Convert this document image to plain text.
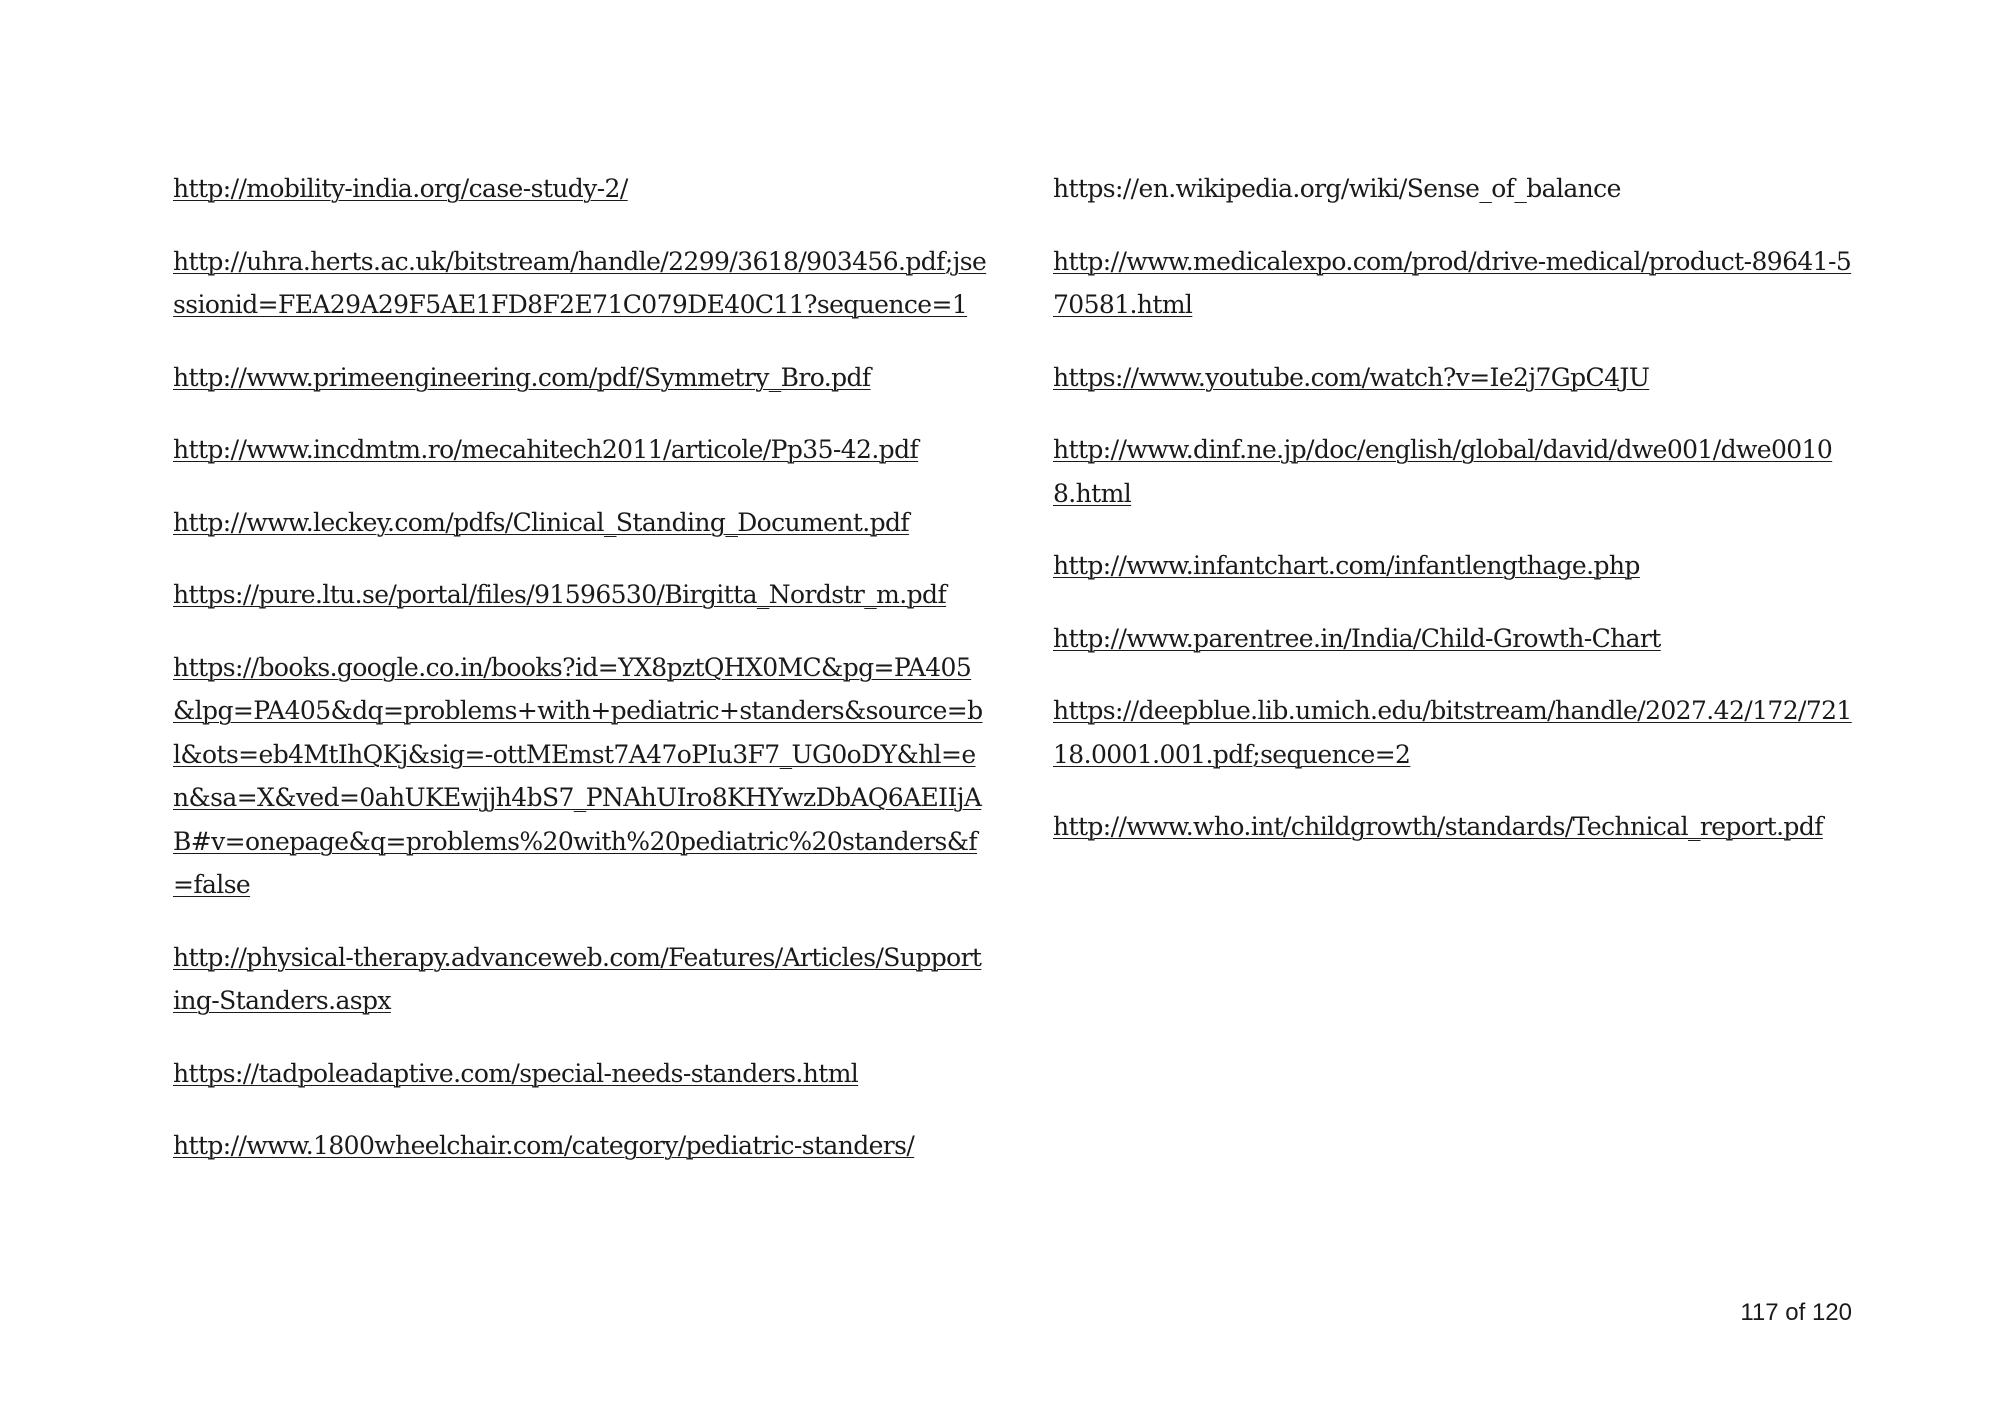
http://mobility-india.org/case-study-2/

http://uhra.herts.ac.uk/bitstream/handle/2299/3618/903456.pdf;jsessionid=FEA29A29F5AE1FD8F2E71C079DE40C11?sequence=1

http://www.primeengineering.com/pdf/Symmetry_Bro.pdf

http://www.incdmtm.ro/mecahitech2011/articole/Pp35-42.pdf

http://www.leckey.com/pdfs/Clinical_Standing_Document.pdf

https://pure.ltu.se/portal/files/91596530/Birgitta_Nordstr_m.pdf

https://books.google.co.in/books?id=YX8pztQHX0MC&pg=PA405&lpg=PA405&dq=problems+with+pediatric+standers&source=bl&ots=eb4MtIhQKj&sig=-ottMEmst7A47oPIu3F7_UG0oDY&hl=en&sa=X&ved=0ahUKEwjjh4bS7_PNAhUIro8KHYwzDbAQ6AEIIjAB#v=onepage&q=problems%20with%20pediatric%20standers&f=false

http://physical-therapy.advanceweb.com/Features/Articles/Supporting-Standers.aspx

https://tadpoleadaptive.com/special-needs-standers.html

http://www.1800wheelchair.com/category/pediatric-standers/

https://en.wikipedia.org/wiki/Sense_of_balance

http://www.medicalexpo.com/prod/drive-medical/product-89641-570581.html

https://www.youtube.com/watch?v=Ie2j7GpC4JU

http://www.dinf.ne.jp/doc/english/global/david/dwe001/dwe00108.html

http://www.infantchart.com/infantlengthage.php

http://www.parentree.in/India/Child-Growth-Chart

https://deepblue.lib.umich.edu/bitstream/handle/2027.42/172/72118.0001.001.pdf;sequence=2

http://www.who.int/childgrowth/standards/Technical_report.pdf

117 of 120
